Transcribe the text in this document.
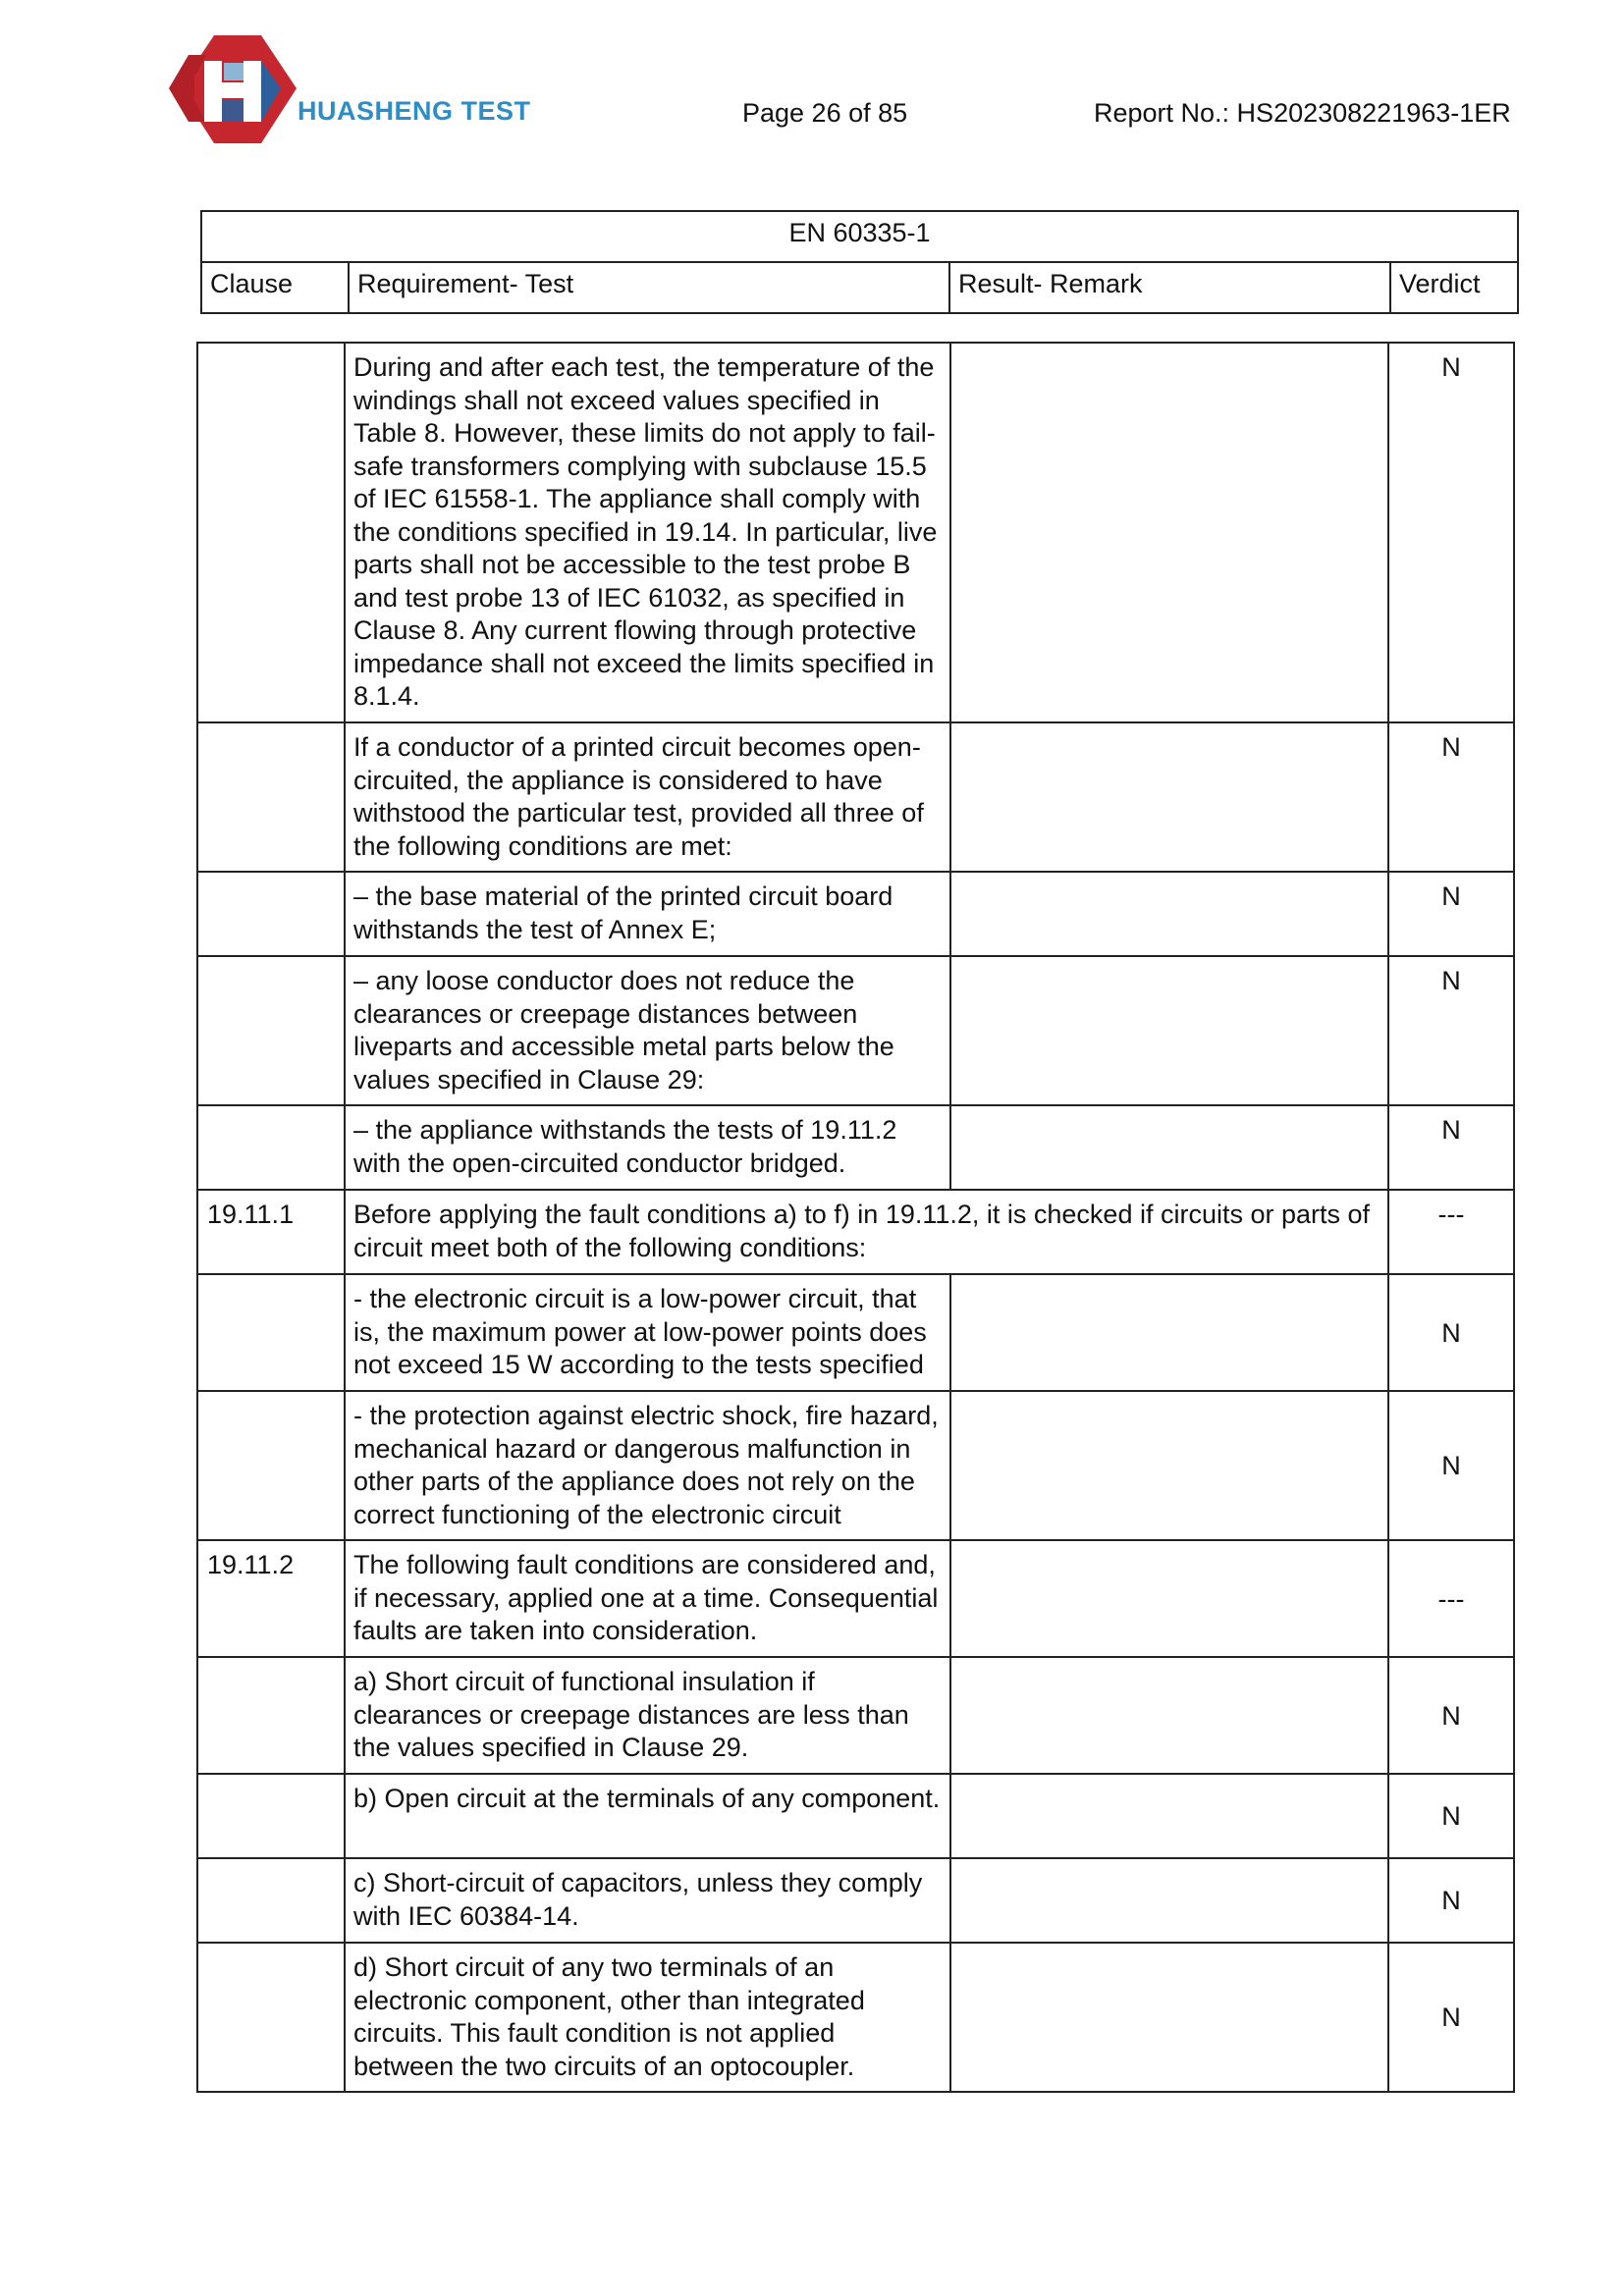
HUASHENG TEST	Page 26 of 85	Report No.: HS202308221963-1ER
EN 60335-1
Clause	Requirement- Test	Result- Remark	Verdict
	During and after each test, the temperature of the windings shall not exceed values specified in Table 8. However, these limits do not apply to fail-safe transformers complying with subclause 15.5 of IEC 61558-1. The appliance shall comply with the conditions specified in 19.14. In particular, live parts shall not be accessible to the test probe B and test probe 13 of IEC 61032, as specified in Clause 8. Any current flowing through protective impedance shall not exceed the limits specified in 8.1.4.		N
	If a conductor of a printed circuit becomes open-circuited, the appliance is considered to have withstood the particular test, provided all three of the following conditions are met:		N
	– the base material of the printed circuit board withstands the test of Annex E;		N
	– any loose conductor does not reduce the clearances or creepage distances between liveparts and accessible metal parts below the values specified in Clause 29:		N
	– the appliance withstands the tests of 19.11.2 with the open-circuited conductor bridged.		N
19.11.1	Before applying the fault conditions a) to f) in 19.11.2, it is checked if circuits or parts of circuit meet both of the following conditions:		---
	- the electronic circuit is a low-power circuit, that is, the maximum power at low-power points does not exceed 15 W according to the tests specified		N
	- the protection against electric shock, fire hazard, mechanical hazard or dangerous malfunction in other parts of the appliance does not rely on the correct functioning of the electronic circuit		N
19.11.2	The following fault conditions are considered and, if necessary, applied one at a time. Consequential faults are taken into consideration.		---
	a) Short circuit of functional insulation if clearances or creepage distances are less than the values specified in Clause 29.		N
	b) Open circuit at the terminals of any component.		N
	c) Short-circuit of capacitors, unless they comply with IEC 60384-14.		N
	d) Short circuit of any two terminals of an electronic component, other than integrated circuits. This fault condition is not applied between the two circuits of an optocoupler.		N
